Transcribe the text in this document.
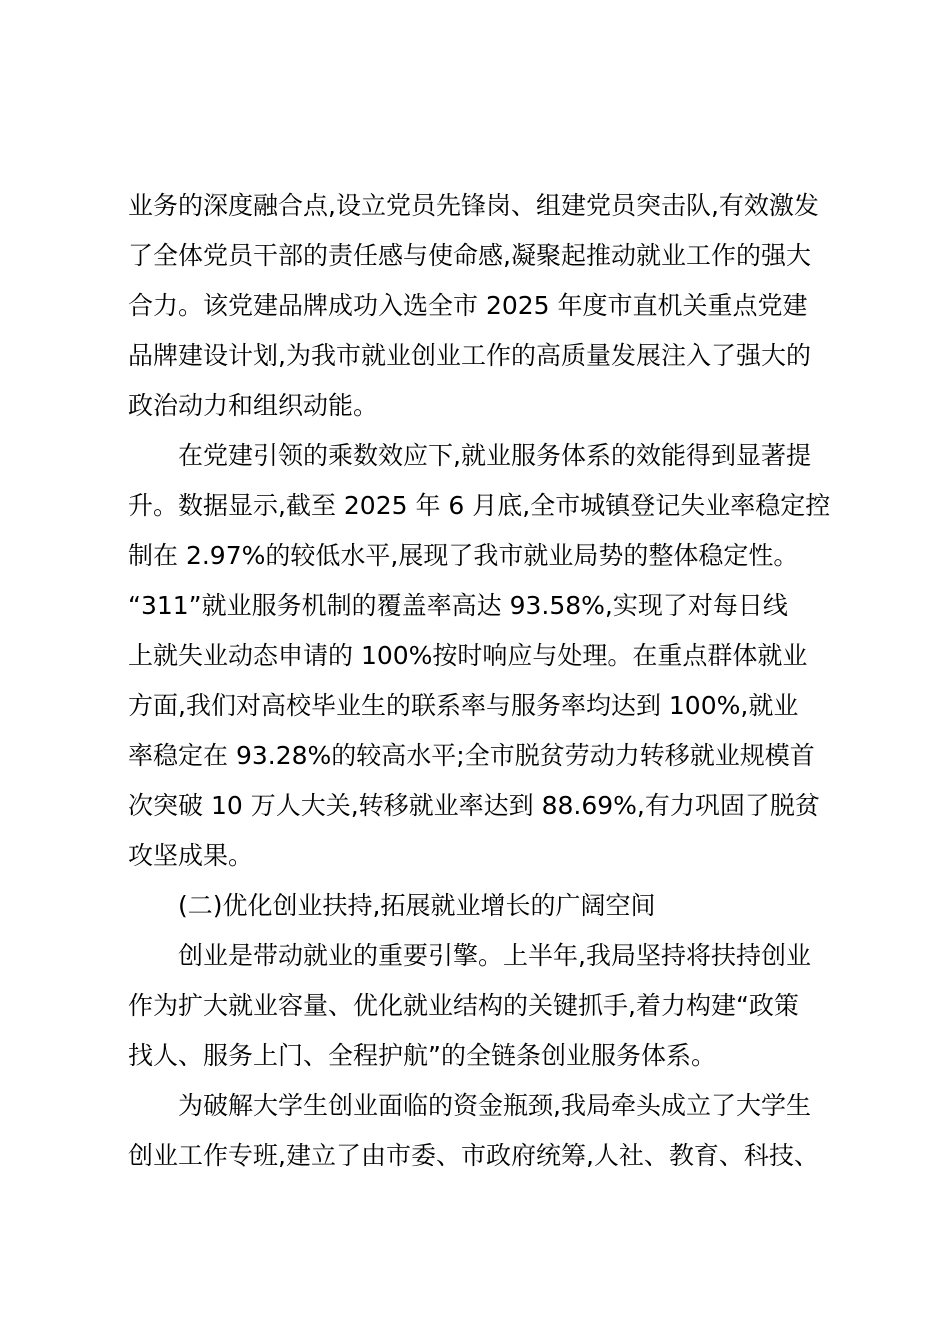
业务的深度融合点,设立党员先锋岗、组建党员突击队,有效激发
了全体党员干部的责任感与使命感,凝聚起推动就业工作的强大
合力。该党建品牌成功入选全市 2025 年度市直机关重点党建
品牌建设计划,为我市就业创业工作的高质量发展注入了强大的
政治动力和组织动能。
在党建引领的乘数效应下,就业服务体系的效能得到显著提
升。数据显示,截至 2025 年 6 月底,全市城镇登记失业率稳定控
制在 2.97%的较低水平,展现了我市就业局势的整体稳定性。
“311”就业服务机制的覆盖率高达 93.58%,实现了对每日线
上就失业动态申请的 100%按时响应与处理。在重点群体就业
方面,我们对高校毕业生的联系率与服务率均达到 100%,就业
率稳定在 93.28%的较高水平;全市脱贫劳动力转移就业规模首
次突破 10 万人大关,转移就业率达到 88.69%,有力巩固了脱贫
攻坚成果。
(二)优化创业扶持,拓展就业增长的广阔空间
创业是带动就业的重要引擎。上半年,我局坚持将扶持创业
作为扩大就业容量、优化就业结构的关键抓手,着力构建“政策
找人、服务上门、全程护航”的全链条创业服务体系。
为破解大学生创业面临的资金瓶颈,我局牵头成立了大学生
创业工作专班,建立了由市委、市政府统筹,人社、教育、科技、
